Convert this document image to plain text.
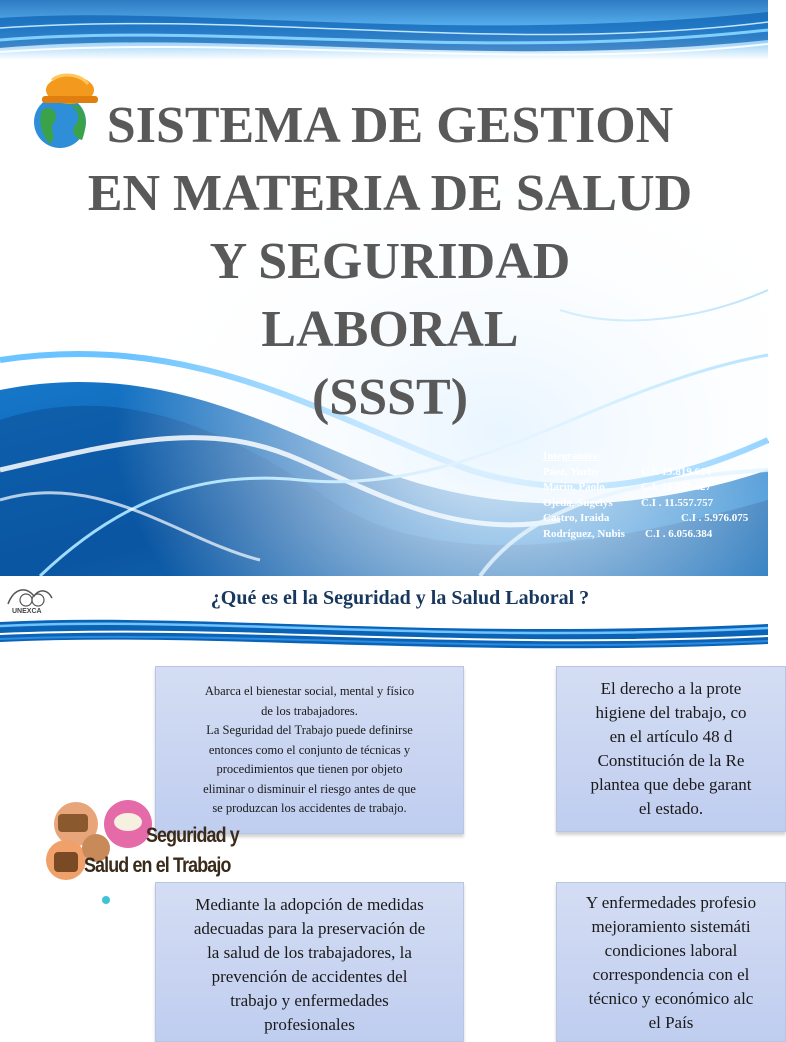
SISTEMA DE GESTION
EN MATERIA DE SALUD
Y SEGURIDAD
LABORAL
(SSST)
Integrantes:
Páez, Yurby	C.I. 19.819.614
Marín, Paolo	C.I. 15.757.427
Ojeda, Sugelys	C.I . 11.557.757
Castro, Iraida	C.I . 5.976.075
Rodríguez, Nubis	C.I . 6.056.384
UNEXCA
¿Qué es el la Seguridad y la Salud Laboral ?
Abarca el bienestar social, mental y físico
de los trabajadores.
La Seguridad del Trabajo puede definirse
entonces como el conjunto de técnicas y
procedimientos que tienen por objeto
eliminar o disminuir el riesgo antes de que
se produzcan los accidentes de trabajo.
El derecho a la prote
higiene del trabajo, co
en el artículo 48 d
Constitución de la Re
plantea que debe garant
el estado.
Seguridad y
Salud en el Trabajo
Mediante la adopción de medidas
adecuadas para la preservación de
la salud de los trabajadores, la
prevención de accidentes del
trabajo y enfermedades
profesionales
Y enfermedades profesio
mejoramiento sistemáti
condiciones laboral
correspondencia con el
técnico y económico alc
el País
